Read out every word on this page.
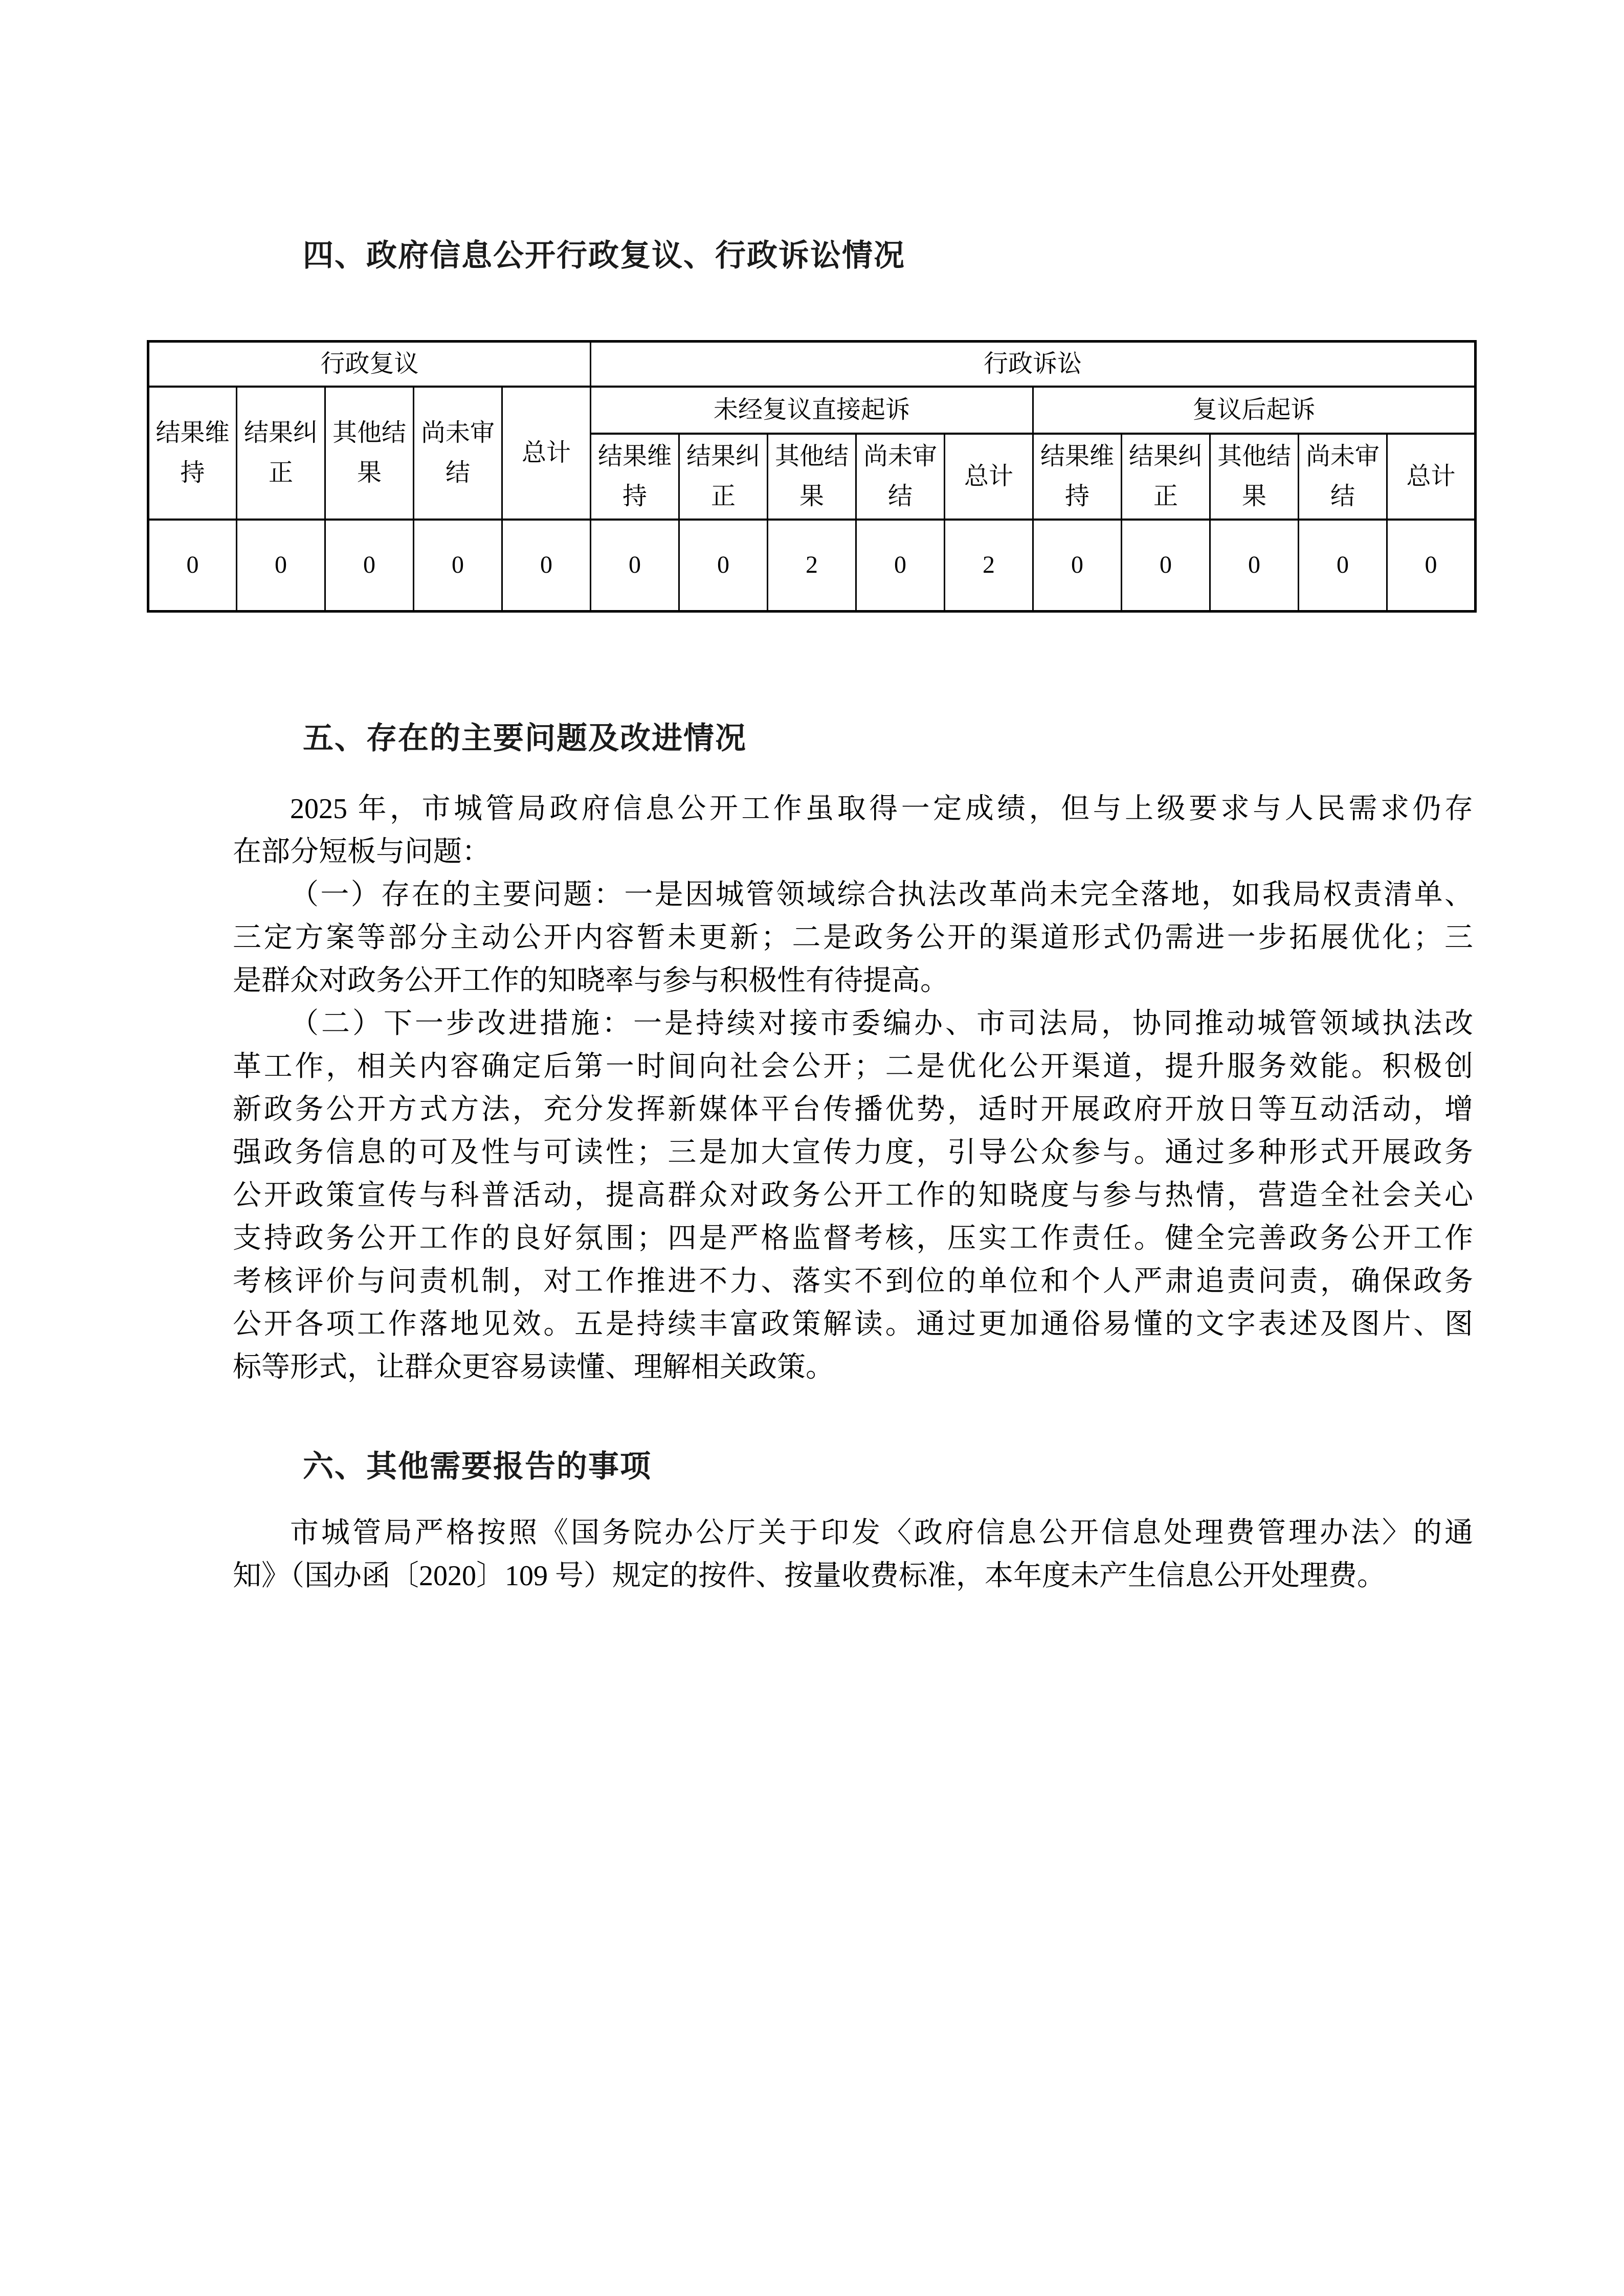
四、政府信息公开行政复议、行政诉讼情况
行政复议					行政诉讼									
结果维持	结果纠正	其他结果	尚未审结	总计	未经复议直接起诉					复议后起诉				
					结果维持	结果纠正	其他结果	尚未审结	总计	结果维持	结果纠正	其他结果	尚未审结	总计
0	0	0	0	0	0	0	2	0	2	0	0	0	0	0
五、存在的主要问题及改进情况
2025 年，市城管局政府信息公开工作虽取得一定成绩，但与上级要求与人民需求仍存
在部分短板与问题：
（一）存在的主要问题：一是因城管领域综合执法改革尚未完全落地，如我局权责清单、
三定方案等部分主动公开内容暂未更新；二是政务公开的渠道形式仍需进一步拓展优化；三
是群众对政务公开工作的知晓率与参与积极性有待提高。
（二）下一步改进措施：一是持续对接市委编办、市司法局，协同推动城管领域执法改
革工作，相关内容确定后第一时间向社会公开；二是优化公开渠道，提升服务效能。积极创
新政务公开方式方法，充分发挥新媒体平台传播优势，适时开展政府开放日等互动活动，增
强政务信息的可及性与可读性；三是加大宣传力度，引导公众参与。通过多种形式开展政务
公开政策宣传与科普活动，提高群众对政务公开工作的知晓度与参与热情，营造全社会关心
支持政务公开工作的良好氛围；四是严格监督考核，压实工作责任。健全完善政务公开工作
考核评价与问责机制，对工作推进不力、落实不到位的单位和个人严肃追责问责，确保政务
公开各项工作落地见效。五是持续丰富政策解读。通过更加通俗易懂的文字表述及图片、图
标等形式，让群众更容易读懂、理解相关政策。
六、其他需要报告的事项
市城管局严格按照《国务院办公厅关于印发〈政府信息公开信息处理费管理办法〉的通
知》（国办函〔2020〕109 号）规定的按件、按量收费标准，本年度未产生信息公开处理费。
